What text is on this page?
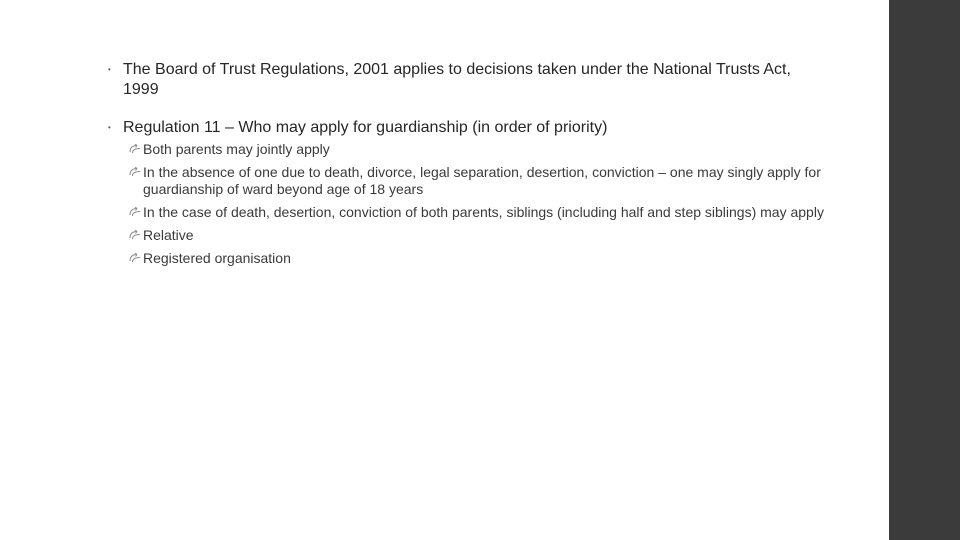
• The Board of Trust Regulations, 2001 applies to decisions taken under the National Trusts Act, 1999
• Regulation 11 – Who may apply for guardianship (in order of priority)
Both parents may jointly apply
In the absence of one due to death, divorce, legal separation, desertion, conviction – one may singly apply for guardianship of ward beyond age of 18 years
In the case of death, desertion, conviction of both parents, siblings (including half and step siblings) may apply
Relative
Registered organisation
